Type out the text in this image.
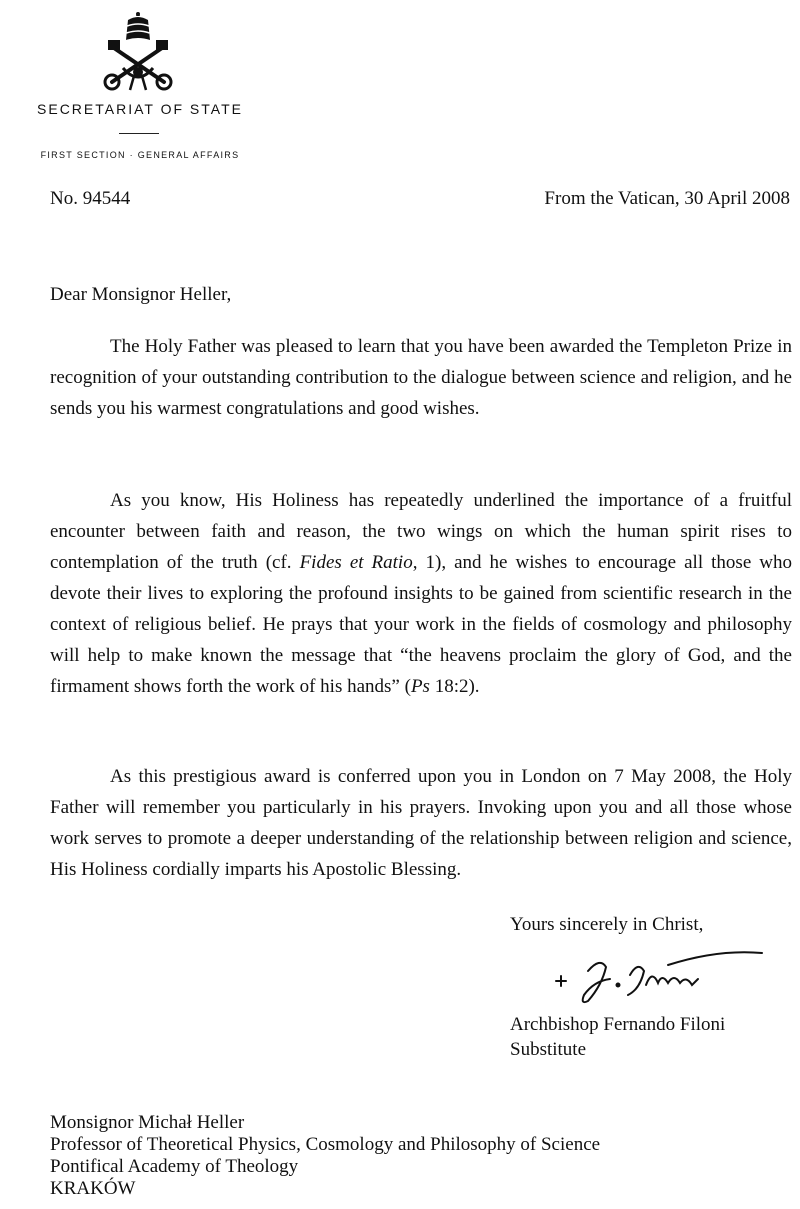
SECRETARIAT OF STATE
FIRST SECTION · GENERAL AFFAIRS
No. 94544	From the Vatican, 30 April 2008
Dear Monsignor Heller,

The Holy Father was pleased to learn that you have been awarded the Templeton Prize in recognition of your outstanding contribution to the dialogue between science and religion, and he sends you his warmest congratulations and good wishes.

As you know, His Holiness has repeatedly underlined the importance of a fruitful encounter between faith and reason, the two wings on which the human spirit rises to contemplation of the truth (cf. Fides et Ratio, 1), and he wishes to encourage all those who devote their lives to exploring the profound insights to be gained from scientific research in the context of religious belief. He prays that your work in the fields of cosmology and philosophy will help to make known the message that “the heavens proclaim the glory of God, and the firmament shows forth the work of his hands” (Ps 18:2).

As this prestigious award is conferred upon you in London on 7 May 2008, the Holy Father will remember you particularly in his prayers. Invoking upon you and all those whose work serves to promote a deeper understanding of the relationship between religion and science, His Holiness cordially imparts his Apostolic Blessing.

Yours sincerely in Christ,
Archbishop Fernando Filoni
Substitute
Monsignor Michał Heller
Professor of Theoretical Physics, Cosmology and Philosophy of Science
Pontifical Academy of Theology
KRAKÓW
